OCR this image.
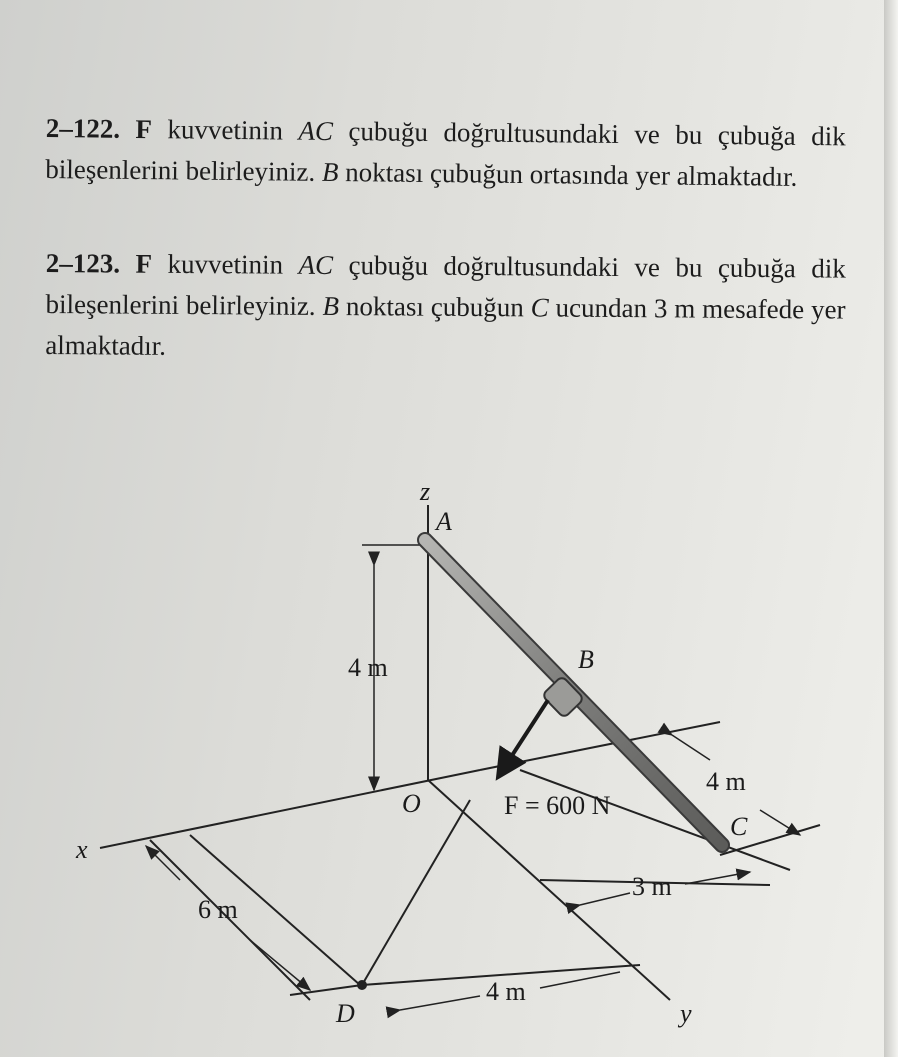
2–122. F kuvvetinin AC çubuğu doğrultusundaki ve bu çubuğa dik bileşenlerini belirleyiniz. B noktası çubuğun ortasında yer almaktadır.
2–123. F kuvvetinin AC çubuğu doğrultusundaki ve bu çubuğa dik bileşenlerini belirleyiniz. B noktası çubuğun C ucundan 3 m mesafede yer almaktadır.
z
A
4 m	B
O	F = 600 N
4 m
C
x
3 m
6 m
4 m
D	y
